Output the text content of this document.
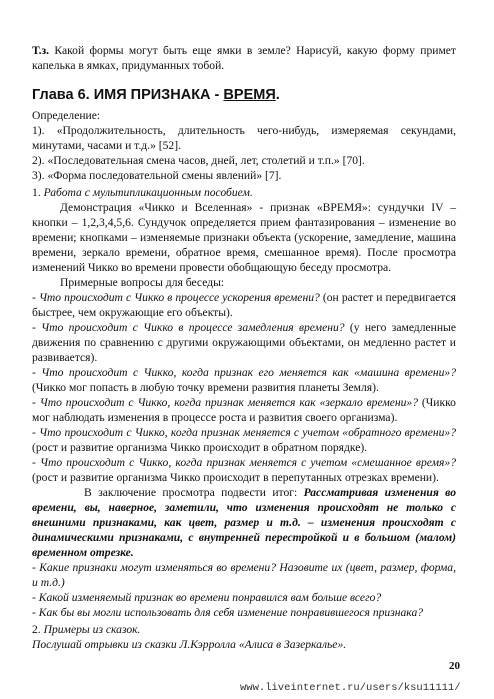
Т.з. Какой формы могут быть еще ямки в земле? Нарисуй, какую форму примет капелька в ямках, придуманных тобой.
Глава 6. ИМЯ ПРИЗНАКА - ВРЕМЯ.

Определение:

1). «Продолжительность, длительность чего-нибудь, измеряемая секундами, минутами, часами и т.д.» [52].

2). «Последовательная смена часов, дней, лет, столетий и т.п.» [70].

3). «Форма последовательной смены явлений» [7].

1. Работа с мультипликационным пособием.

Демонстрация «Чикко и Вселенная» - признак «ВРЕМЯ»: сундучки IV – кнопки – 1,2,3,4,5,6. Сундучок определяется прием фантазирования – изменение во времени; кнопками – изменяемые признаки объекта (ускорение, замедление, машина времени, зеркало времени, обратное время, смешанное время). После просмотра изменений Чикко во времени провести обобщающую беседу просмотра.

Примерные вопросы для беседы:

- Что происходит с Чикко в процессе ускорения времени? (он растет и передвигается быстрее, чем окружающие его объекты).

- Что происходит с Чикко в процессе замедления времени? (у него замедленные движения по сравнению с другими окружающими объектами, он медленно растет и развивается).

- Что происходит с Чикко, когда признак его меняется как «машина времени»? (Чикко мог попасть в любую точку времени развития планеты Земля).

- Что происходит с Чикко, когда признак меняется как «зеркало времени»? (Чикко мог наблюдать изменения в процессе роста и развития своего организма).

- Что происходит с Чикко, когда признак меняется с учетом «обратного времени»? (рост и развитие организма Чикко происходит в обратном порядке).

- Что происходит с Чикко, когда признак меняется с учетом «смешанное время»? (рост и развитие организма Чикко происходит в перепутанных отрезках времени).

В заключение просмотра подвести итог: Рассматривая изменения во времени, вы, наверное, заметили, что изменения происходят не только с внешними признаками, как цвет, размер и т.д. – изменения происходят с динамическими признаками, с внутренней перестройкой и в большом (малом) временном отрезке.

- Какие признаки могут изменяться во времени? Назовите их (цвет, размер, форма, и т.д.)

- Какой изменяемый признак во времени понравился вам больше всего?

- Как бы вы могли использовать для себя изменение понравившегося признака?

2. Примеры из сказок.

Послушай отрывки из сказки Л.Кэрролла «Алиса в Зазеркалье».

20
www.liveinternet.ru/users/ksu11111/
